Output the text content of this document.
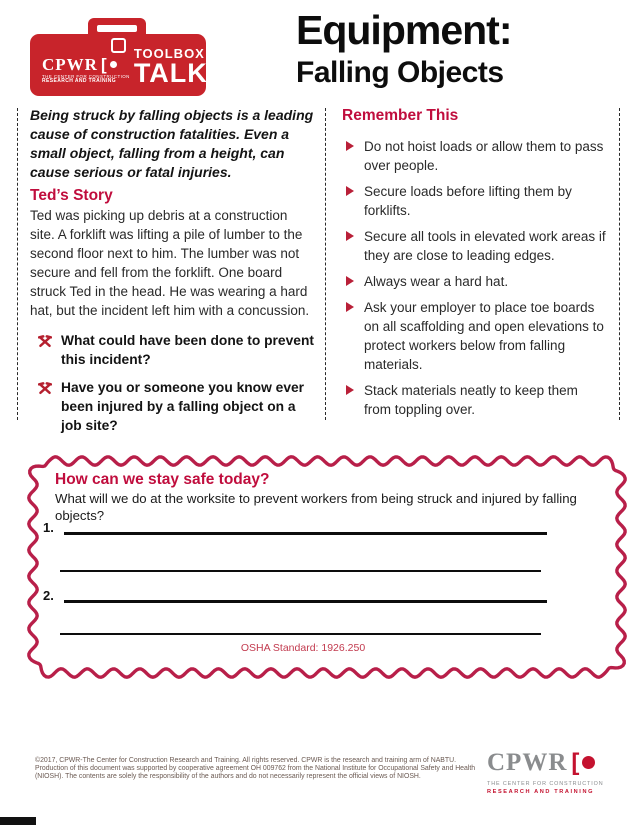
CPWR [
THE CENTER FOR CONSTRUCTION
RESEARCH AND TRAINING
TOOLBOX
TALK
Equipment:
Falling Objects

Being struck by falling objects is a leading cause of construction fatalities. Even a small object, falling from a height, can cause serious or fatal injuries.

Ted’s Story

Ted was picking up debris at a construction site. A forklift was lifting a pile of lumber to the second floor next to him. The lumber was not secure and fell from the forklift. One board struck Ted in the head. He was wearing a hard hat, but the incident left him with a concussion.

What could have been done to prevent this incident?
Have you or someone you know ever been injured by a falling object on a job site?
Remember This
Do not hoist loads or allow them to pass over people.
Secure loads before lifting them by forklifts.
Secure all tools in elevated work areas if they are close to leading edges.
Always wear a hard hat.
Ask your employer to place toe boards on all scaffolding and open elevations to protect workers below from falling materials.
Stack materials neatly to keep them from toppling over.
How can we stay safe today?

What will we do at the worksite to prevent workers from being struck and injured by falling objects?

1.
2.
OSHA Standard: 1926.250

©2017, CPWR-The Center for Construction Research and Training. All rights reserved. CPWR is the research and training arm of NABTU. Production of this document was supported by cooperative agreement OH 009762 from the National Institute for Occupational Safety and Health (NIOSH). The contents are solely the responsibility of the authors and do not necessarily represent the official views of NIOSH.

CPWR [
THE CENTER FOR CONSTRUCTION
RESEARCH AND TRAINING
